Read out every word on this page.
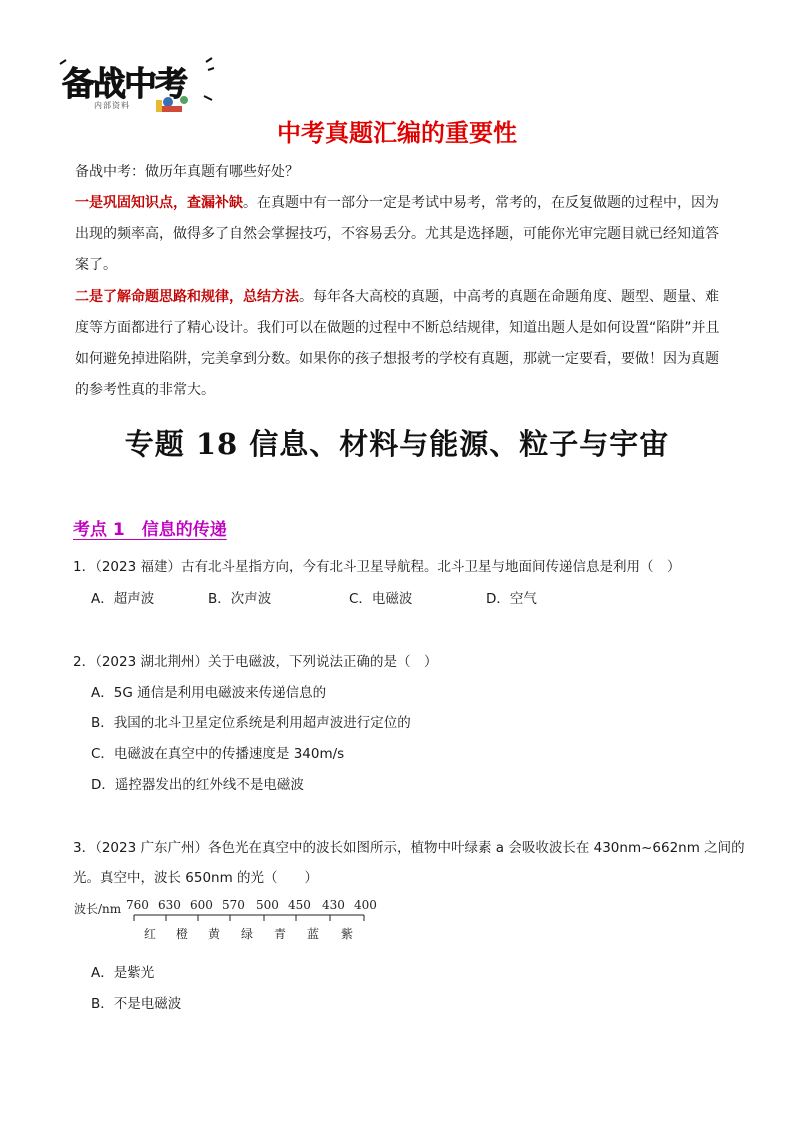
备战中考
内部资料
中考真题汇编的重要性
备战中考：做历年真题有哪些好处？
一是巩固知识点，查漏补缺。在真题中有一部分一定是考试中易考，常考的，在反复做题的过程中，因为出现的频率高，做得多了自然会掌握技巧，不容易丢分。尤其是选择题，可能你光审完题目就已经知道答案了。
二是了解命题思路和规律，总结方法。每年各大高校的真题，中高考的真题在命题角度、题型、题量、难度等方面都进行了精心设计。我们可以在做题的过程中不断总结规律，知道出题人是如何设置“陷阱”并且如何避免掉进陷阱，完美拿到分数。如果你的孩子想报考的学校有真题，那就一定要看，要做！因为真题的参考性真的非常大。
专题 18 信息、材料与能源、粒子与宇宙
考点 1　信息的传递
1．（2023 福建）古有北斗星指方向，今有北斗卫星导航程。北斗卫星与地面间传递信息是利用（　）
A．超声波	B．次声波	C．电磁波	D．空气
2．（2023 湖北荆州）关于电磁波，下列说法正确的是（　）
A．5G 通信是利用电磁波来传递信息的
B．我国的北斗卫星定位系统是利用超声波进行定位的
C．电磁波在真空中的传播速度是 340m/s
D．遥控器发出的红外线不是电磁波
3．（2023 广东广州）各色光在真空中的波长如图所示，植物中叶绿素 a 会吸收波长在 430nm~662nm 之间的
光。真空中，波长 650nm 的光（　　）
波长/nm 760 630 600 570 500 450 430 400
红 橙 黄 绿 青 蓝 紫
A．是紫光
B．不是电磁波
